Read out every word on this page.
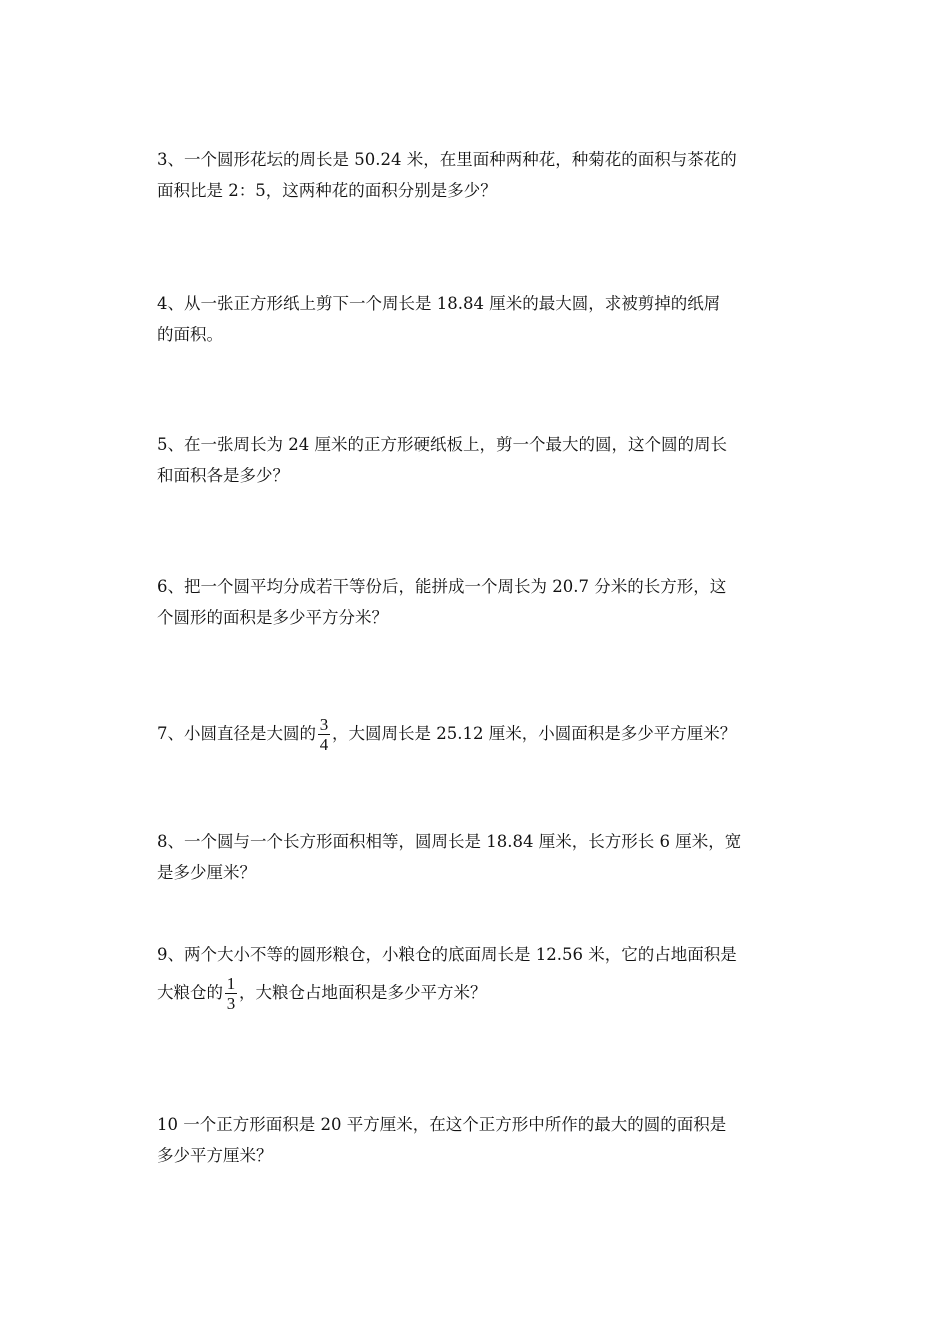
3、一个圆形花坛的周长是 50.24 米，在里面种两种花，种菊花的面积与茶花的

面积比是 2：5，这两种花的面积分别是多少？

4、从一张正方形纸上剪下一个周长是 18.84 厘米的最大圆，求被剪掉的纸屑

的面积。

5、在一张周长为 24 厘米的正方形硬纸板上，剪一个最大的圆，这个圆的周长

和面积各是多少？

6、把一个圆平均分成若干等份后，能拼成一个周长为 20.7 分米的长方形，这

个圆形的面积是多少平方分米？

7、小圆直径是大圆的 $\frac{3}{4}$ ，大圆周长是 25.12 厘米，小圆面积是多少平方厘米？

8、一个圆与一个长方形面积相等，圆周长是 18.84 厘米，长方形长 6 厘米，宽

是多少厘米？

9、两个大小不等的圆形粮仓，小粮仓的底面周长是 12.56 米，它的占地面积是

大粮仓的 $\frac{1}{3}$ ，大粮仓占地面积是多少平方米？

10 一个正方形面积是 20 平方厘米，在这个正方形中所作的最大的圆的面积是

多少平方厘米？
